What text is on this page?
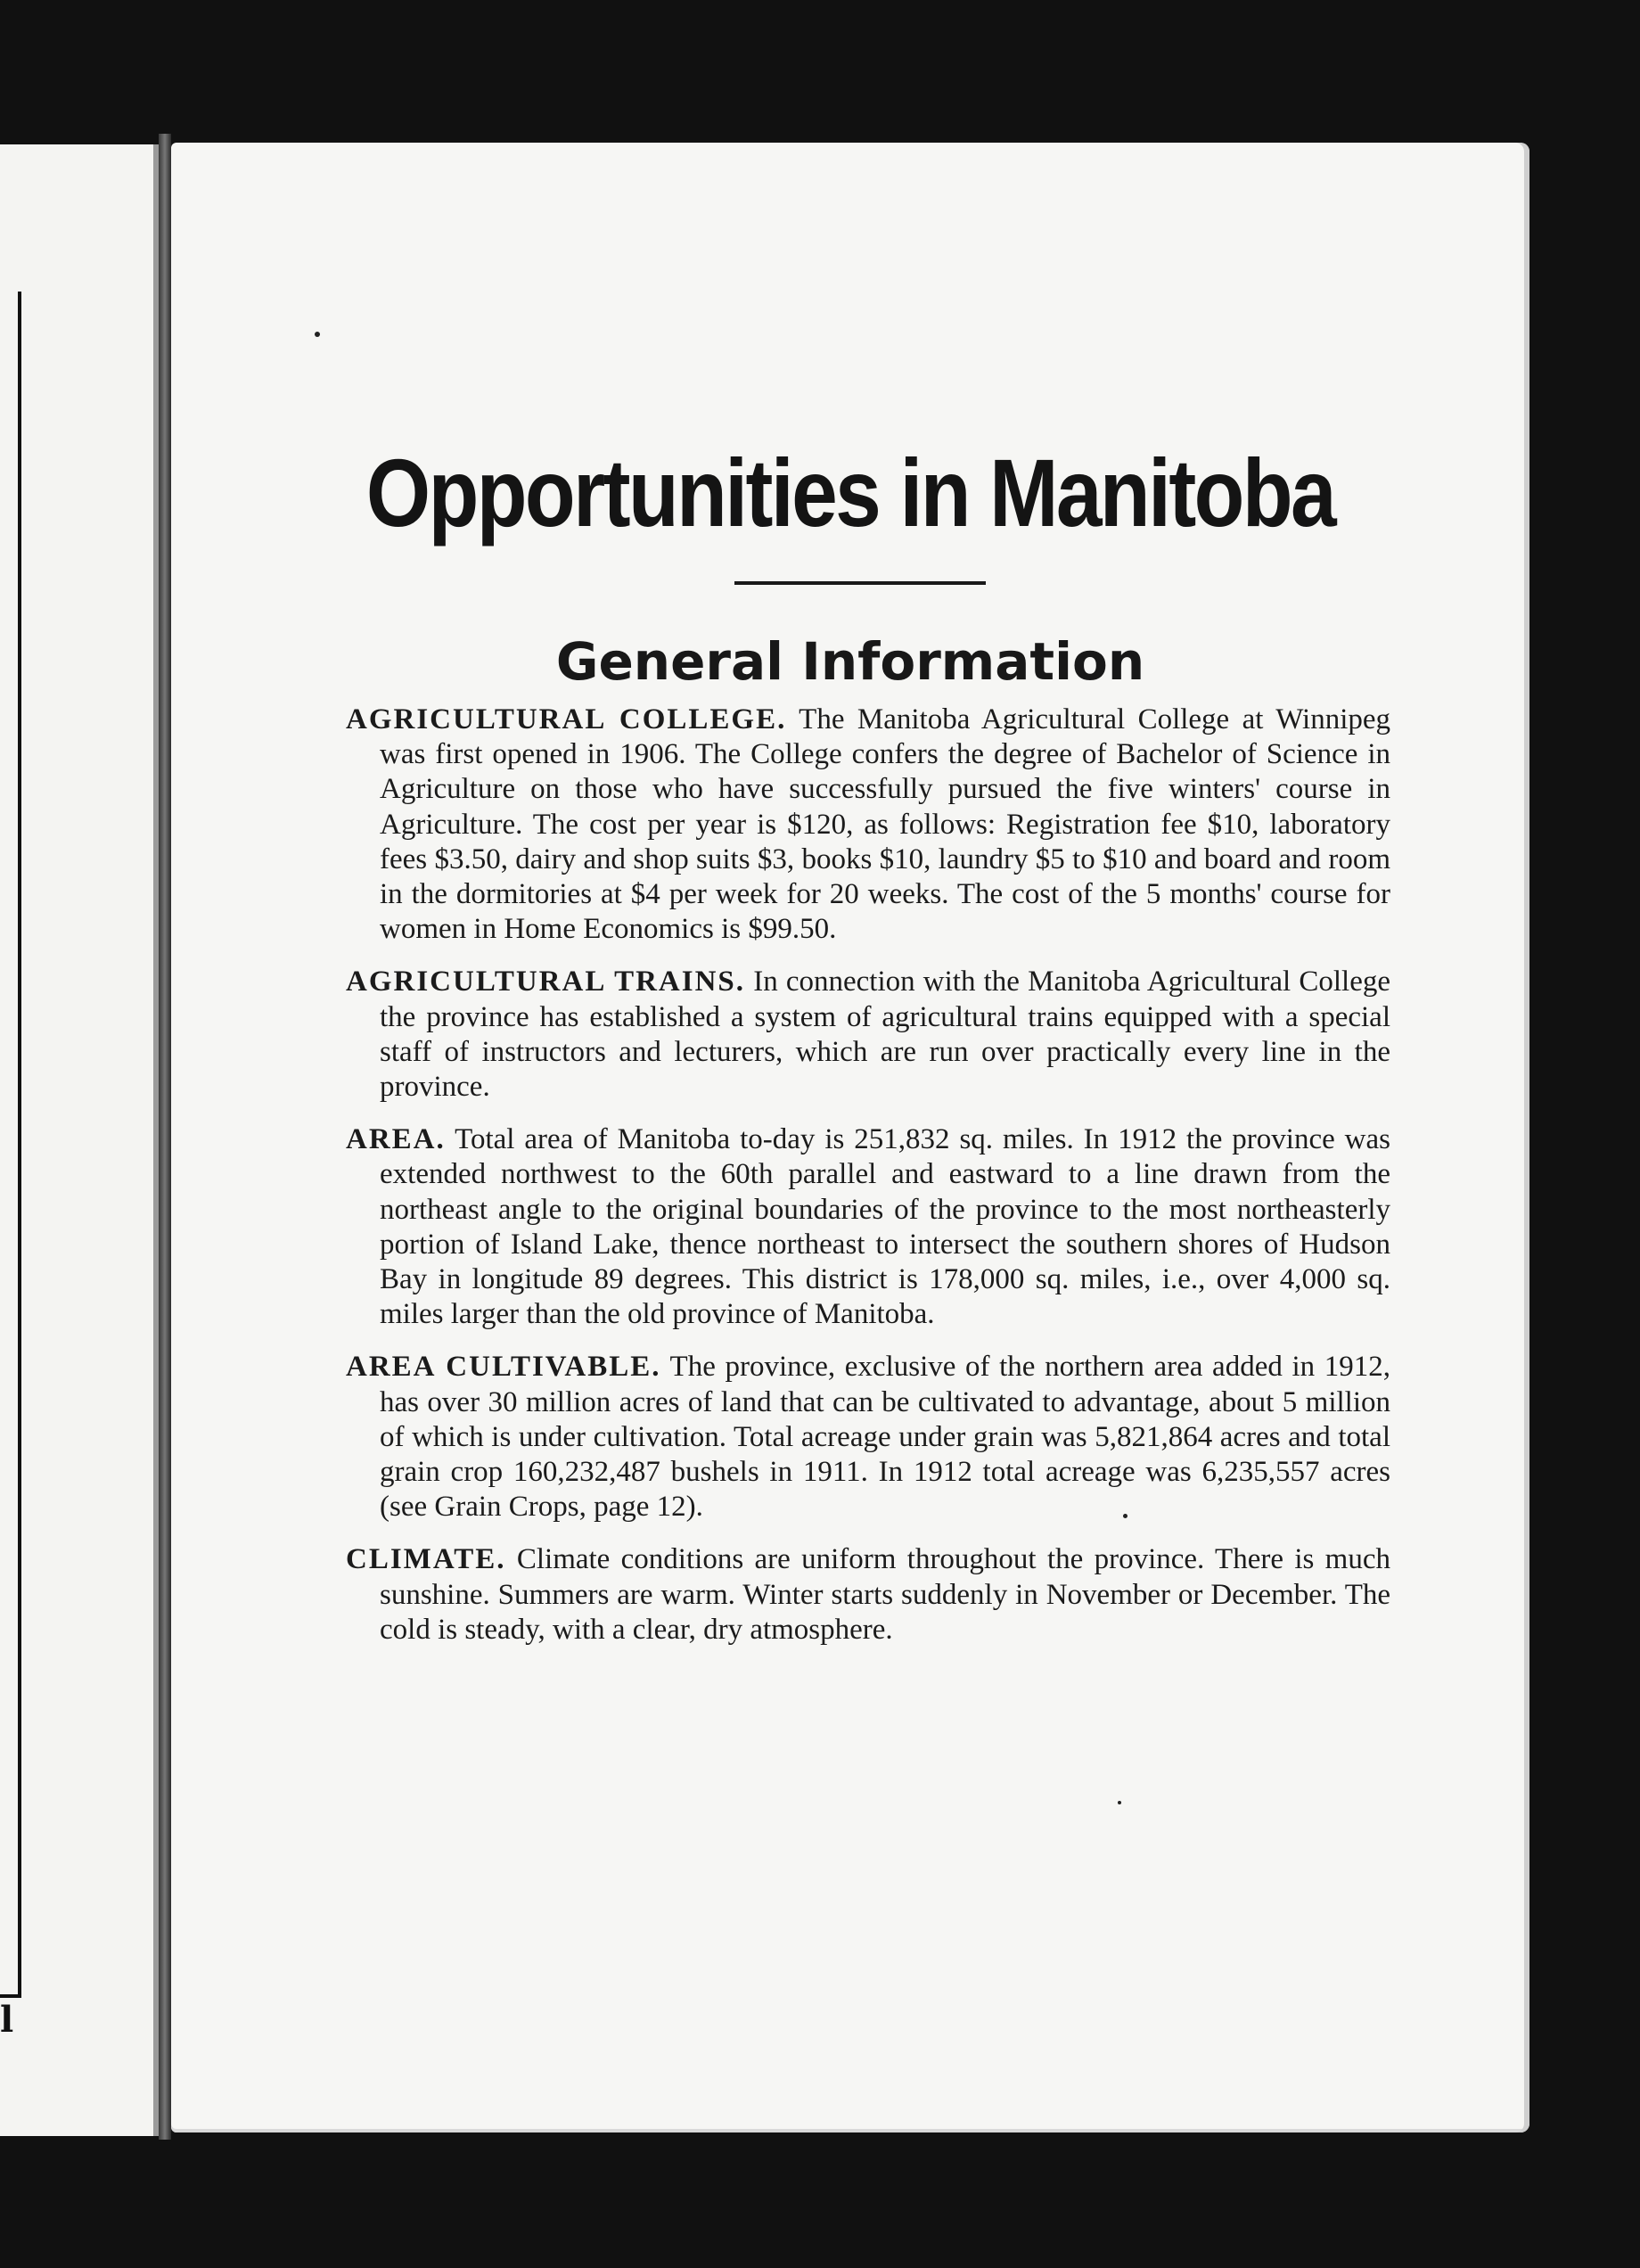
l
Opportunities in Manitoba
General Information

AGRICULTURAL COLLEGE. The Manitoba Agricultural College at Winnipeg was first opened in 1906. The College confers the degree of Bachelor of Science in Agriculture on those who have successfully pursued the five winters' course in Agriculture. The cost per year is $120, as follows: Registration fee $10, laboratory fees $3.50, dairy and shop suits $3, books $10, laundry $5 to $10 and board and room in the dormitories at $4 per week for 20 weeks. The cost of the 5 months' course for women in Home Economics is $99.50.

AGRICULTURAL TRAINS. In connection with the Manitoba Agricultural College the province has established a system of agricultural trains equipped with a special staff of instructors and lecturers, which are run over practically every line in the province.

AREA. Total area of Manitoba to-day is 251,832 sq. miles. In 1912 the province was extended northwest to the 60th parallel and eastward to a line drawn from the northeast angle to the original boundaries of the province to the most northeasterly portion of Island Lake, thence northeast to intersect the southern shores of Hudson Bay in longitude 89 degrees. This district is 178,000 sq. miles, i.e., over 4,000 sq. miles larger than the old province of Manitoba.

AREA CULTIVABLE. The province, exclusive of the northern area added in 1912, has over 30 million acres of land that can be cultivated to advantage, about 5 million of which is under cultivation. Total acreage under grain was 5,821,864 acres and total grain crop 160,232,487 bushels in 1911. In 1912 total acreage was 6,235,557 acres (see Grain Crops, page 12).

CLIMATE. Climate conditions are uniform throughout the province. There is much sunshine. Summers are warm. Winter starts suddenly in November or December. The cold is steady, with a clear, dry atmosphere.
